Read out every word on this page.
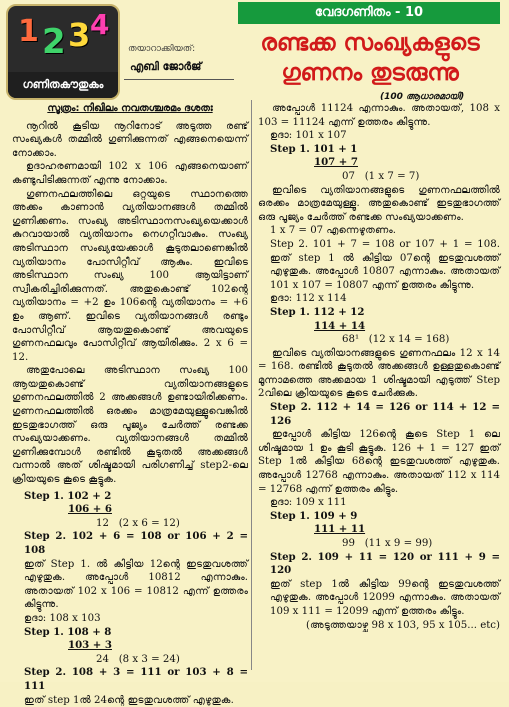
1 2 3 4
ഗണിതകൗതുകം
തയാറാക്കിയത്:
എബി ജോർജ്
വേദഗണിതം - 10
രണ്ടക്ക സംഖ്യകളുടെ
ഗുണനം തുടരുന്നു
(100 ആധാരമായി)
സൂത്രം: നിഖിലം നവതശ്ചരമം ദശതഃ

നൂറിൽ കൂടിയ നൂറിനോട് അടുത്ത രണ്ട് സംഖ്യകൾ തമ്മിൽ ഗുണിക്കുന്നത് എങ്ങനെയെന്ന് നോക്കാം.

ഉദാഹരണമായി 102 x 106 എങ്ങനെയാണ് കണ്ടുപിടിക്കുന്നത് എന്നു നോക്കാം.

ഗുണനഫലത്തിലെ ഒറ്റയുടെ സ്ഥാനത്തെ അക്കം കാണാൻ വ്യതിയാനങ്ങൾ തമ്മിൽ ഗുണിക്കണം. സംഖ്യ അടിസ്ഥാനസംഖ്യയെക്കാൾ കുറവായാൽ വ്യതിയാനം നെഗറ്റീവാകും. സംഖ്യ അടിസ്ഥാന സംഖ്യയേക്കാൾ കൂടുതലാണെങ്കിൽ വ്യതിയാനം പോസിറ്റീവ് ആകും. ഇവിടെ അടിസ്ഥാന സംഖ്യ 100 ആയിട്ടാണ് സ്വീകരിച്ചിരിക്കുന്നത്. അതുകൊണ്ട് 102ന്റെ വ്യതിയാനം = +2 ഉം 106ന്റെ വ്യതിയാനം = +6 ഉം ആണ്. ഇവിടെ വ്യതിയാനങ്ങൾ രണ്ടും പോസിറ്റീവ് ആയതുകൊണ്ട് അവയുടെ ഗുണനഫലവും പോസിറ്റീവ് ആയിരിക്കും. 2 x 6 = 12.

അതുപോലെ അടിസ്ഥാന സംഖ്യ 100 ആയതുകൊണ്ട് വ്യതിയാനങ്ങളുടെ ഗുണനഫലത്തിൽ 2 അക്കങ്ങൾ ഉണ്ടായിരിക്കണം. ഗുണനഫലത്തിൽ ഒരക്കം മാത്രമേയുള്ളൂവെങ്കിൽ ഇടതുഭാഗത്ത് ഒരു പൂജ്യം ചേർത്ത് രണ്ടക്ക സംഖ്യയാക്കണം. വ്യതിയാനങ്ങൾ തമ്മിൽ ഗുണിക്കുമ്പോൾ രണ്ടിൽ കൂടുതൽ അക്കങ്ങൾ വന്നാൽ അത് ശിഷ്ടമായി പരിഗണിച്ച് step2-ലെ ക്രിയയുടെ കൂടെ കൂട്ടുക.

Step 1. 102 + 2
106 + 6
12 (2 x 6 = 12)

Step 2. 102 + 6 = 108 or 106 + 2 = 108

ഇത് Step 1. ൽ കിട്ടിയ 12ന്റെ ഇടതുവശത്ത് എഴുതുക. അപ്പോൾ 10812 എന്നാകും. അതായത് 102 x 106 = 10812 എന്ന് ഉത്തരം കിട്ടുന്നു.

ഉദാ: 108 x 103

Step 1. 108 + 8
103 + 3
24 (8 x 3 = 24)

Step 2. 108 + 3 = 111 or 103 + 8 = 111

ഇത് step 1ൽ 24ന്റെ ഇടതുവശത്ത് എഴുതുക.

അപ്പോൾ 11124 എന്നാകും. അതായത്, 108 x 103 = 11124 എന്ന് ഉത്തരം കിട്ടുന്നു.

ഉദാ: 101 x 107

Step 1. 101 + 1
107 + 7
07 (1 x 7 = 7)

ഇവിടെ വ്യതിയാനങ്ങളുടെ ഗുണനഫലത്തിൽ ഒരക്കം മാത്രമേയുള്ളൂ. അതുകൊണ്ട് ഇടതുഭാഗത്ത് ഒരു പൂജ്യം ചേർത്ത് രണ്ടക്ക സംഖ്യയാക്കണം.

1 x 7 = 07 എന്നെഴുതണം.

Step 2. 101 + 7 = 108 or 107 + 1 = 108. ഇത് step 1 ൽ കിട്ടിയ 07ന്റെ ഇടതുവശത്ത് എഴുതുക. അപ്പോൾ 10807 എന്നാകും. അതായത് 101 x 107 = 10807 എന്ന് ഉത്തരം കിട്ടുന്നു.

ഉദാ: 112 x 114

Step 1. 112 + 12
114 + 14
68¹ (12 x 14 = 168)

ഇവിടെ വ്യതിയാനങ്ങളുടെ ഗുണനഫലം 12 x 14 = 168. രണ്ടിൽ കൂടുതൽ അക്കങ്ങൾ ഉള്ളതുകൊണ്ട് മൂന്നാമത്തെ അക്കമായ 1 ശിഷ്ടമായി എടുത്ത് Step 2വിലെ ക്രിയയുടെ കൂടെ ചേർക്കുക.

Step 2. 112 + 14 = 126 or 114 + 12 = 126

ഇപ്പോൾ കിട്ടിയ 126ന്റെ കൂടെ Step 1 ലെ ശിഷ്ടമായ 1 ഉം കൂടി കൂട്ടുക. 126 + 1 = 127 ഇത് Step 1ൽ കിട്ടിയ 68ന്റെ ഇടതുവശത്ത് എഴുതുക. അപ്പോൾ 12768 എന്നാകും. അതായത് 112 x 114 = 12768 എന്ന് ഉത്തരം കിട്ടും.

ഉദാ: 109 x 111

Step 1. 109 + 9
111 + 11
99 (11 x 9 = 99)

Step 2. 109 + 11 = 120 or 111 + 9 = 120

ഇത് step 1ൽ കിട്ടിയ 99ന്റെ ഇടതുവശത്ത് എഴുതുക. അപ്പോൾ 12099 എന്നാകും. അതായത് 109 x 111 = 12099 എന്ന് ഉത്തരം കിട്ടും.

(അടുത്തയാഴ്ച 98 x 103, 95 x 105... etc)
